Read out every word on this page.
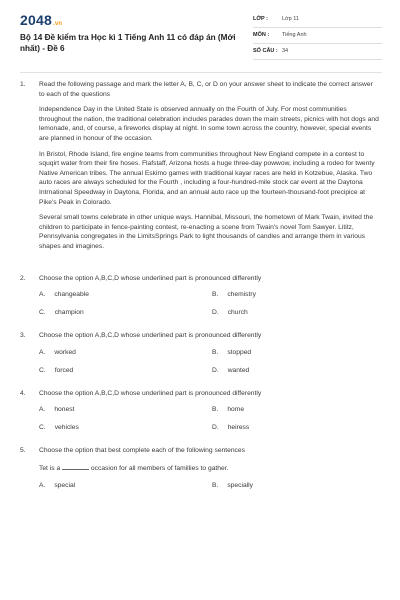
2048.vn
Bộ 14 Đề kiểm tra Học kì 1 Tiếng Anh 11 có đáp án (Mới nhất) - Đề 6
LỚP :	Lớp 11
MÔN : Tiếng Anh
SỐ CÂU : 34
1. Read the following passage and mark the letter A, B, C, or D on your answer sheet to indicate the correct answer to each of the questions

Independence Day in the United State is observed annually on the Fourth of July. For most communities throughout the nation, the traditional celebration includes parades down the main streets, picnics with hot dogs and lemonade, and, of course, a fireworks display at night. In some town across the country, however, special events are planned in honour of the occasion.

In Bristol, Rhode Island, fire engine teams from communities throughout New England compete in a contest to squqirt water from their fire hoses. Flafstaff, Arizona hosts a huge three-day powwow, including a rodeo for twenty Native American tribes. The annual Eskimo games with traditional kayar races are held in Kotzebue, Alaska. Two auto races are always scheduled for the Fourth , including a four-hundred-mile stock car event at the Daytona Intrnational Speedway in Daytona, Florida, and an annual auto race up the fourteen-thousand-foot precipice at Pike's Peak in Colorado.

Several small towns celebrate in other unique ways. Hannibal, Missouri, the hometown of Mark Twain, invited the children to participate in fence-painting contest, re-enacting a scene from Twain's novel Tom Sawyer. Lititz, Pennsylvania congregates in the LimitsSprings Park to light thousands of candles and arrange them in various shapes and imagines.

2. Choose the option A,B,C,D whose underlined part is pronounced differently

A. changeable	B. chemistry
C. champion	D. church
3. Choose the option A,B,C,D whose underlined part is pronounced differently

A. worked	B. stopped
C. forced	D. wanted
4. Choose the option A,B,C,D whose underlined part is pronounced differently

A. honest	B. home
C. vehicles	D. heiress
5. Choose the option that best complete each of the following sentences

Tet is a	occasion for all members of famillies to gather.

A. special	B. specially
